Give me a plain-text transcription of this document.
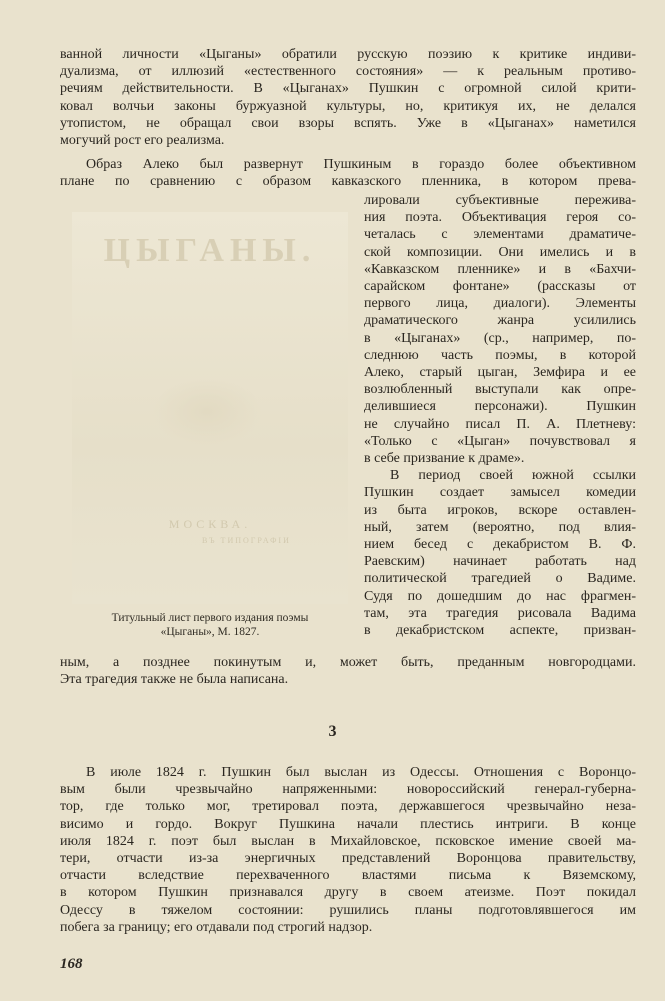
ванной личности «Цыганы» обратили русскую поэзию к критике индиви-
дуализма, от иллюзий «естественного состояния» — к реальным противо-
речиям действительности. В «Цыганах» Пушкин с огромной силой крити-
ковал волчьи законы буржуазной культуры, но, критикуя их, не делался
утопистом, не обращал свои взоры вспять. Уже в «Цыганах» наметился
могучий рост его реализма.
Образ Алеко был развернут Пушкиным в гораздо более объективном
плане по сравнению с образом кавказского пленника, в котором прева-
ЦЫГАНЫ.
МОСКВА.
ВЪ ТИПОГРАФIИ
лировали субъективные пережива-
ния поэта. Объективация героя со-
четалась с элементами драматиче-
ской композиции. Они имелись и в
«Кавказском пленнике» и в «Бахчи-
сарайском фонтане» (рассказы от
первого лица, диалоги). Элементы
драматического жанра усилились
в «Цыганах» (ср., например, по-
следнюю часть поэмы, в которой
Алеко, старый цыган, Земфира и ее
возлюбленный выступали как опре-
делившиеся персонажи). Пушкин
не случайно писал П. А. Плетневу:
«Только с «Цыган» почувствовал я
в себе призвание к драме».
В период своей южной ссылки
Пушкин создает замысел комедии
из быта игроков, вскоре оставлен-
ный, затем (вероятно, под влия-
нием бесед с декабристом В. Ф.
Раевским) начинает работать над
политической трагедией о Вадиме.
Судя по дошедшим до нас фрагмен-
там, эта трагедия рисовала Вадима
в декабристском аспекте, призван-
Титульный лист первого издания поэмы
«Цыганы», М. 1827.
ным, а позднее покинутым и, может быть, преданным новгородцами.
Эта трагедия также не была написана.
3
В июле 1824 г. Пушкин был выслан из Одессы. Отношения с Воронцо-
вым были чрезвычайно напряженными: новороссийский генерал-губерна-
тор, где только мог, третировал поэта, державшегося чрезвычайно неза-
висимо и гордо. Вокруг Пушкина начали плестись интриги. В конце
июля 1824 г. поэт был выслан в Михайловское, псковское имение своей ма-
тери, отчасти из-за энергичных представлений Воронцова правительству,
отчасти вследствие перехваченного властями письма к Вяземскому,
в котором Пушкин признавался другу в своем атеизме. Поэт покидал
Одессу в тяжелом состоянии: рушились планы подготовлявшегося им
побега за границу; его отдавали под строгий надзор.
168
